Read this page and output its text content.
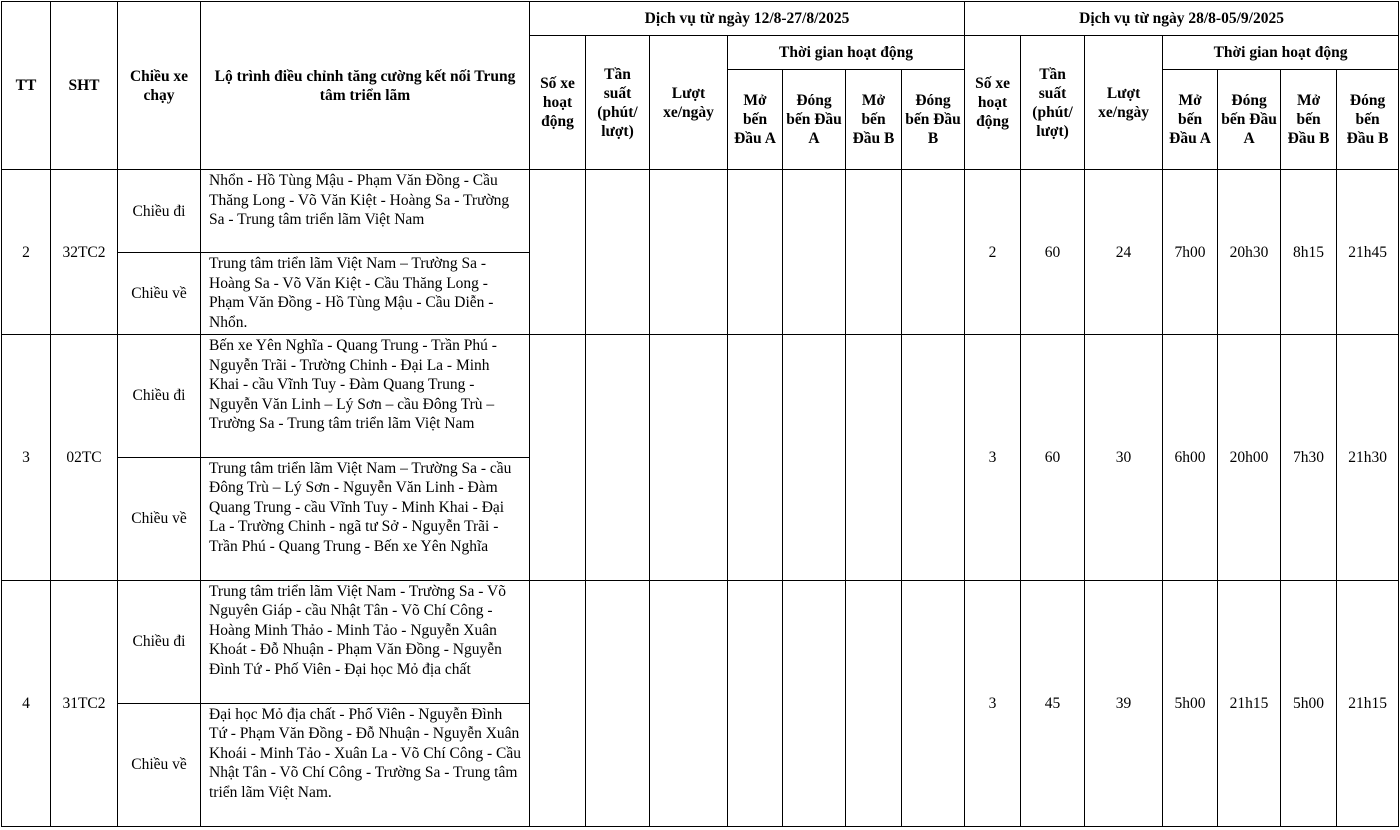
TT	SHT	Chiều xe chạy	Lộ trình điều chỉnh tăng cường kết nối Trung tâm triển lãm	Dịch vụ từ ngày 12/8-27/8/2025							Dịch vụ từ ngày 28/8-05/9/2025						
				Số xe hoạt động	Tần suất (phút/ lượt)	Lượt xe/ngày	Thời gian hoạt động				Số xe hoạt động	Tần suất (phút/ lượt)	Lượt xe/ngày	Thời gian hoạt động			
							Mở bến Đầu A	Đóng bến Đầu A	Mở bến Đầu B	Đóng bến Đầu B				Mở bến Đầu A	Đóng bến Đầu A	Mở bến Đầu B	Đóng bến Đầu B
2	32TC2	Chiều đi	Nhổn - Hồ Tùng Mậu - Phạm Văn Đồng - Cầu Thăng Long - Võ Văn Kiệt - Hoàng Sa - Trường Sa - Trung tâm triển lãm Việt Nam								2	60	24	7h00	20h30	8h15	21h45
		Chiều về	Trung tâm triển lãm Việt Nam – Trường Sa - Hoàng Sa - Võ Văn Kiệt - Cầu Thăng Long - Phạm Văn Đồng - Hồ Tùng Mậu - Cầu Diễn - Nhổn.														
3	02TC	Chiều đi	Bến xe Yên Nghĩa - Quang Trung - Trần Phú - Nguyễn Trãi - Trường Chinh - Đại La - Minh Khai - cầu Vĩnh Tuy - Đàm Quang Trung - Nguyễn Văn Linh – Lý Sơn – cầu Đông Trù – Trường Sa - Trung tâm triển lãm Việt Nam								3	60	30	6h00	20h00	7h30	21h30
		Chiều về	Trung tâm triển lãm Việt Nam – Trường Sa - cầu Đông Trù – Lý Sơn - Nguyễn Văn Linh - Đàm Quang Trung - cầu Vĩnh Tuy - Minh Khai - Đại La - Trường Chinh - ngã tư Sở - Nguyễn Trãi - Trần Phú - Quang Trung - Bến xe Yên Nghĩa														
4	31TC2	Chiều đi	Trung tâm triển lãm Việt Nam - Trường Sa - Võ Nguyên Giáp - cầu Nhật Tân - Võ Chí Công - Hoàng Minh Thảo - Minh Tảo - Nguyễn Xuân Khoát - Đỗ Nhuận - Phạm Văn Đồng - Nguyễn Đình Tứ - Phố Viên - Đại học Mỏ địa chất								3	45	39	5h00	21h15	5h00	21h15
		Chiều về	Đại học Mỏ địa chất - Phố Viên - Nguyễn Đình Tứ - Phạm Văn Đồng - Đỗ Nhuận - Nguyễn Xuân Khoái - Minh Tảo - Xuân La - Võ Chí Công - Cầu Nhật Tân - Võ Chí Công - Trường Sa - Trung tâm triển lãm Việt Nam.														
